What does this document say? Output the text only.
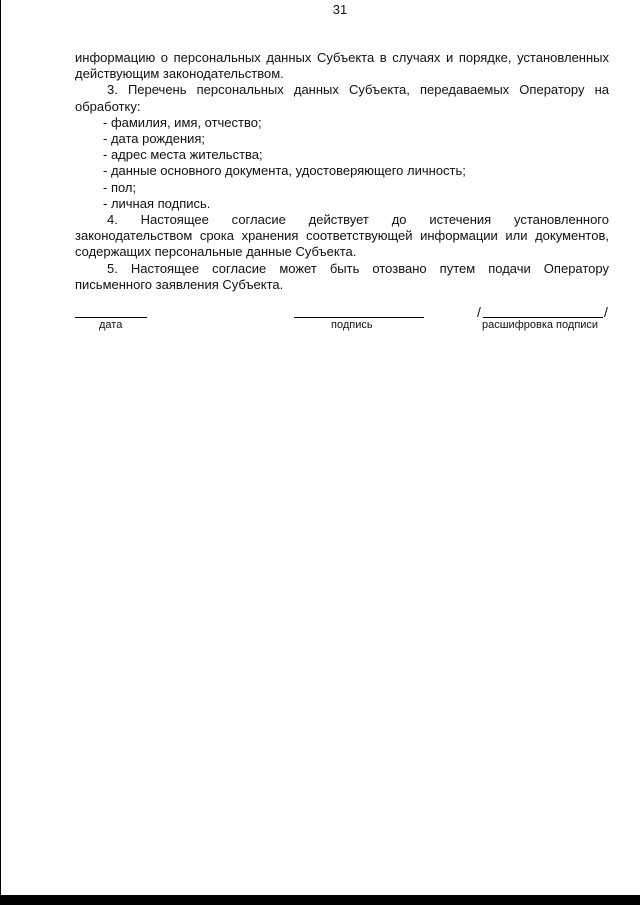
31

информацию о персональных данных Субъекта в случаях и порядке, установленных действующим законодательством.

3. Перечень персональных данных Субъекта, передаваемых Оператору на обработку:

- фамилия, имя, отчество;

- дата рождения;

- адрес места жительства;

- данные основного документа, удостоверяющего личность;

- пол;

- личная подпись.

4. Настоящее согласие действует до истечения установленного законодательством срока хранения соответствующей информации или документов, содержащих персональные данные Субъекта.

5. Настоящее согласие может быть отозвано путем подачи Оператору письменного заявления Субъекта.

дата	подпись
/	/
расшифровка подписи
